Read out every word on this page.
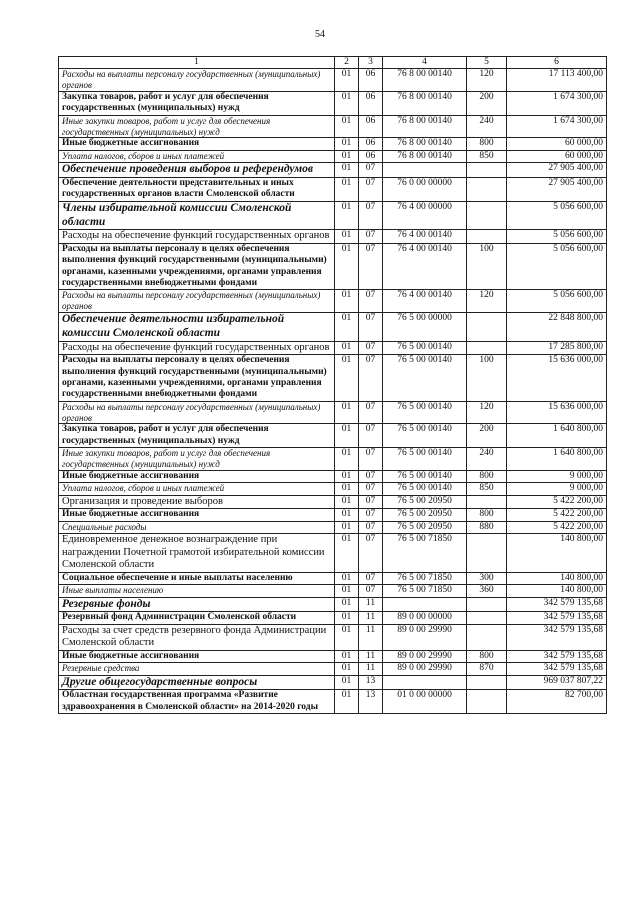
54
1	2	3	4	5	6
Расходы на выплаты персоналу государственных (муниципальных) органов	01	06	76 8 00 00140	120	17 113 400,00
Закупка товаров, работ и услуг для обеспечения государственных (муниципальных) нужд	01	06	76 8 00 00140	200	1 674 300,00
Иные закупки товаров, работ и услуг для обеспечения государственных (муниципальных) нужд	01	06	76 8 00 00140	240	1 674 300,00
Иные бюджетные ассигнования	01	06	76 8 00 00140	800	60 000,00
Уплата налогов, сборов и иных платежей	01	06	76 8 00 00140	850	60 000,00
Обеспечение проведения выборов и референдумов	01	07			27 905 400,00
Обеспечение деятельности представительных и иных государственных органов власти Смоленской области	01	07	76 0 00 00000		27 905 400,00
Члены избирательной комиссии Смоленской области	01	07	76 4 00 00000		5 056 600,00
Расходы на обеспечение функций государственных органов	01	07	76 4 00 00140		5 056 600,00
Расходы на выплаты персоналу в целях обеспечения выполнения функций государственными (муниципальными) органами, казенными учреждениями, органами управления государственными внебюджетными фондами	01	07	76 4 00 00140	100	5 056 600,00
Расходы на выплаты персоналу государственных (муниципальных) органов	01	07	76 4 00 00140	120	5 056 600,00
Обеспечение деятельности избирательной комиссии Смоленской области	01	07	76 5 00 00000		22 848 800,00
Расходы на обеспечение функций государственных органов	01	07	76 5 00 00140		17 285 800,00
Расходы на выплаты персоналу в целях обеспечения выполнения функций государственными (муниципальными) органами, казенными учреждениями, органами управления государственными внебюджетными фондами	01	07	76 5 00 00140	100	15 636 000,00
Расходы на выплаты персоналу государственных (муниципальных) органов	01	07	76 5 00 00140	120	15 636 000,00
Закупка товаров, работ и услуг для обеспечения государственных (муниципальных) нужд	01	07	76 5 00 00140	200	1 640 800,00
Иные закупки товаров, работ и услуг для обеспечения государственных (муниципальных) нужд	01	07	76 5 00 00140	240	1 640 800,00
Иные бюджетные ассигнования	01	07	76 5 00 00140	800	9 000,00
Уплата налогов, сборов и иных платежей	01	07	76 5 00 00140	850	9 000,00
Организация и проведение выборов	01	07	76 5 00 20950		5 422 200,00
Иные бюджетные ассигнования	01	07	76 5 00 20950	800	5 422 200,00
Специальные расходы	01	07	76 5 00 20950	880	5 422 200,00
Единовременное денежное вознаграждение при награждении Почетной грамотой избирательной комиссии Смоленской области	01	07	76 5 00 71850		140 800,00
Социальное обеспечение и иные выплаты населению	01	07	76 5 00 71850	300	140 800,00
Иные выплаты населению	01	07	76 5 00 71850	360	140 800,00
Резервные фонды	01	11			342 579 135,68
Резервный фонд Администрации Смоленской области	01	11	89 0 00 00000		342 579 135,68
Расходы за счет средств резервного фонда Администрации Смоленской области	01	11	89 0 00 29990		342 579 135,68
Иные бюджетные ассигнования	01	11	89 0 00 29990	800	342 579 135,68
Резервные средства	01	11	89 0 00 29990	870	342 579 135,68
Другие общегосударственные вопросы	01	13			969 037 807,22
Областная государственная программа «Развитие здравоохранения в Смоленской области» на 2014-2020 годы	01	13	01 0 00 00000		82 700,00
